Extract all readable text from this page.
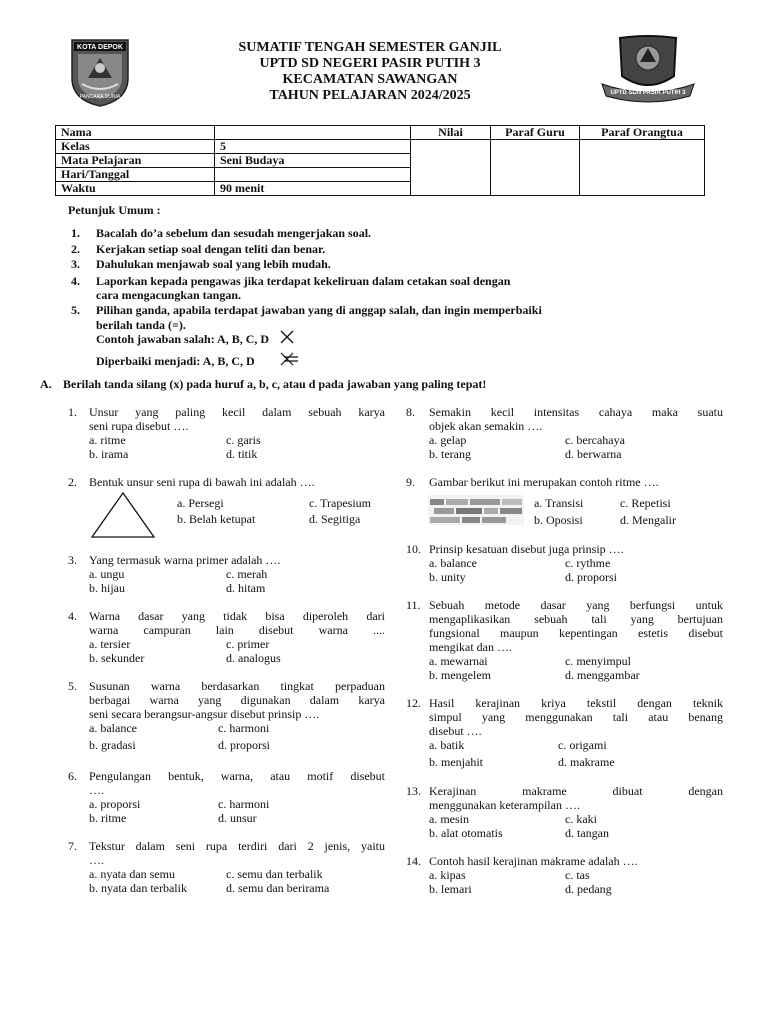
KOTA DEPOK
PANCARA DUNIA
UPTD SDN PASIR PUTIH 3
SUMATIF TENGAH SEMESTER GANJIL
UPTD SD NEGERI PASIR PUTIH 3
KECAMATAN SAWANGAN
TAHUN PELAJARAN 2024/2025
Nama		Nilai	Paraf Guru	Paraf Orangtua
Kelas	5			
Mata Pelajaran	Seni Budaya			
Hari/Tanggal				
Waktu	90 menit			
Petunjuk Umum :
1. Bacalah do’a sebelum dan sesudah mengerjakan soal.
2. Kerjakan setiap soal dengan teliti dan benar.
3. Dahulukan menjawab soal yang lebih mudah.
4. Laporkan kepada pengawas jika terdapat kekeliruan dalam cetakan soal dengan
cara mengacungkan tangan.
5. Pilihan ganda, apabila terdapat jawaban yang di anggap salah, dan ingin memperbaiki
berilah tanda (=).
Contoh jawaban salah: A, B, C, D
Diperbaiki menjadi: A, B, C, D
A. Berilah tanda silang (x) pada huruf a, b, c, atau d pada jawaban yang paling tepat!
1. Unsur yang paling kecil dalam sebuah karya
seni rupa disebut ….
a. ritme
b. irama
c. garis
d. titik
2. Bentuk unsur seni rupa di bawah ini adalah ….
a. Persegi
b. Belah ketupat
c. Trapesium
d. Segitiga
3. Yang termasuk warna primer adalah ….
a. ungu
b. hijau
c. merah
d. hitam
4. Warna dasar yang tidak bisa diperoleh dari
warna campuran lain disebut warna ....
a. tersier
b. sekunder
c. primer
d. analogus
5. Susunan warna berdasarkan tingkat perpaduan
berbagai warna yang digunakan dalam karya
seni secara berangsur-angsur disebut prinsip ….
a. balance
b. gradasi
c. harmoni
d. proporsi
6. Pengulangan bentuk, warna, atau motif disebut
….
a. proporsi
b. ritme
c. harmoni
d. unsur
7. Tekstur dalam seni rupa terdiri dari 2 jenis, yaitu
….
a. nyata dan semu
b. nyata dan terbalik
c. semu dan terbalik
d. semu dan berirama
8. Semakin kecil intensitas cahaya maka suatu
objek akan semakin ….
a. gelap
b. terang
c. bercahaya
d. berwarna
9. Gambar berikut ini merupakan contoh ritme ….
a. Transisi
b. Oposisi
c. Repetisi
d. Mengalir
10. Prinsip kesatuan disebut juga prinsip ….
a. balance
b. unity
c. rythme
d. proporsi
11. Sebuah metode dasar yang berfungsi untuk
mengaplikasikan sebuah tali yang bertujuan
fungsional maupun kepentingan estetis disebut
mengikat dan ….
a. mewarnai
b. mengelem
c. menyimpul
d. menggambar
12. Hasil kerajinan kriya tekstil dengan teknik
simpul yang menggunakan tali atau benang
disebut ….
a. batik
b. menjahit
c. origami
d. makrame
13. Kerajinan        makrame        dibuat        dengan
menggunakan keterampilan ….
a. mesin
b. alat otomatis
c. kaki
d. tangan
14. Contoh hasil kerajinan makrame adalah ….
a. kipas
b. lemari
c. tas
d. pedang
